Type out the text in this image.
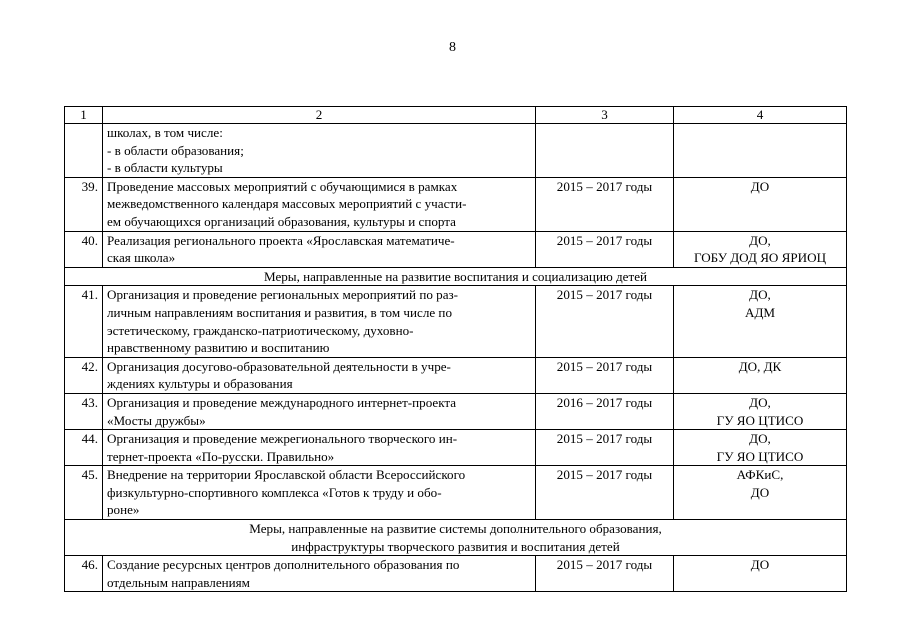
8
1	2	3	4

	школах, в том числе:
- в области образования;
- в области культуры		

39.	Проведение массовых мероприятий с обучающимися в рамках
межведомственного календаря массовых мероприятий с участи-
ем обучающихся организаций образования, культуры и спорта	2015 – 2017 годы	ДО

40.	Реализация регионального проекта «Ярославская математиче-
ская школа»	2015 – 2017 годы	ДО,
ГОБУ ДОД ЯО ЯРИОЦ

Меры, направленные на развитие воспитания и социализацию детей			

41.	Организация и проведение региональных мероприятий по раз-
личным направлениям воспитания и развития, в том числе по
эстетическому, гражданско-патриотическому, духовно-
нравственному развитию и воспитанию	2015 – 2017 годы	ДО,
АДМ

42.	Организация досугово-образовательной деятельности в учре-
ждениях культуры и образования	2015 – 2017 годы	ДО, ДК

43.	Организация и проведение международного интернет-проекта
«Мосты дружбы»	2016 – 2017 годы	ДО,
ГУ ЯО ЦТИСО

44.	Организация и проведение межрегионального творческого ин-
тернет-проекта «По-русски. Правильно»	2015 – 2017 годы	ДО,
ГУ ЯО ЦТИСО

45.	Внедрение на территории Ярославской области Всероссийского
физкультурно-спортивного комплекса «Готов к труду и обо-
роне»	2015 – 2017 годы	АФКиС,
ДО

Меры, направленные на развитие системы дополнительного образования,
инфраструктуры творческого развития и воспитания детей			

46.	Создание ресурсных центров дополнительного образования по
отдельным направлениям	2015 – 2017 годы	ДО
